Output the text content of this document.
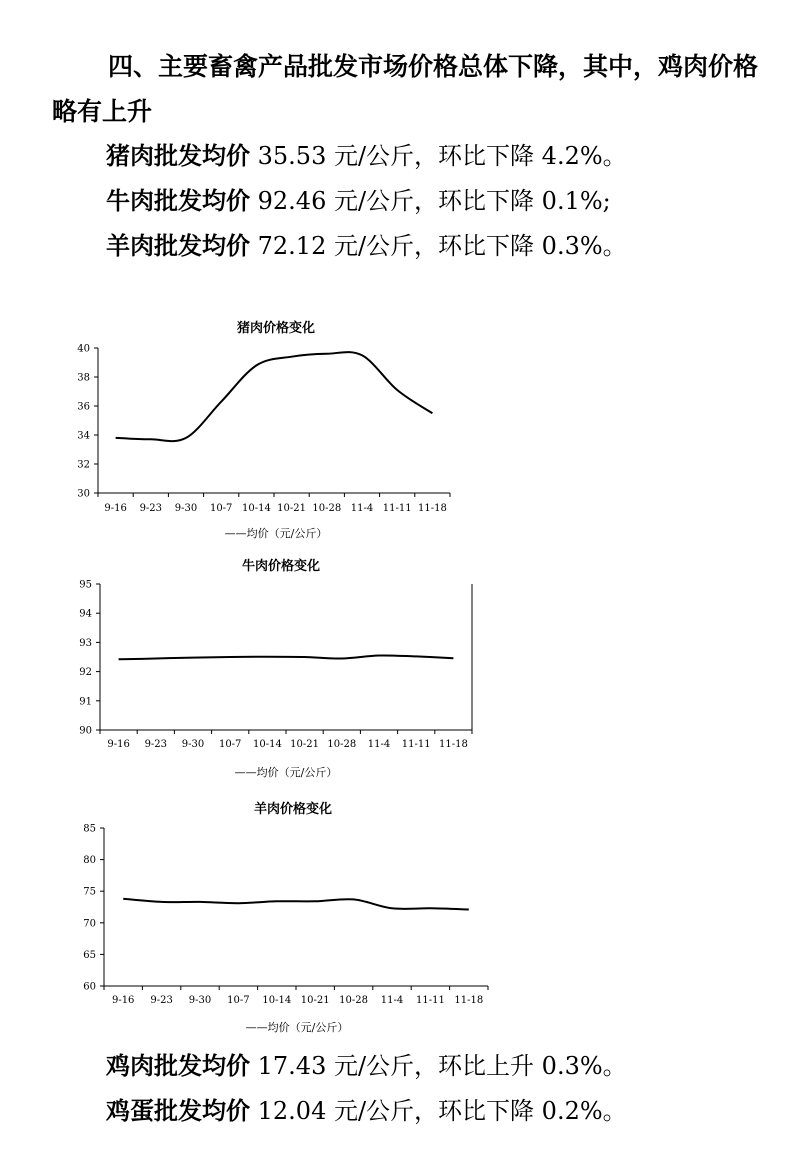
四、主要畜禽产品批发市场价格总体下降，其中，鸡肉价格略有上升

猪肉批发均价 35.53 元/公斤，环比下降 4.2%。

牛肉批发均价 92.46 元/公斤，环比下降 0.1%;

羊肉批发均价 72.12 元/公斤，环比下降 0.3%。

猪肉价格变化
30
32
34
36
38
40
9-16 9-23 9-30 10-7 10-14 10-21 10-28 11-4 11-11 11-18
——均价（元/公斤）
牛肉价格变化
90
91
92
93
94
95
9-16 9-23 9-30 10-7 10-14 10-21 10-28 11-4 11-11 11-18
——均价（元/公斤）
羊肉价格变化
60
65
70
75
80
85
9-16 9-23 9-30 10-7 10-14 10-21 10-28 11-4 11-11 11-18
——均价（元/公斤）

鸡肉批发均价 17.43 元/公斤，环比上升 0.3%。

鸡蛋批发均价 12.04 元/公斤，环比下降 0.2%。
